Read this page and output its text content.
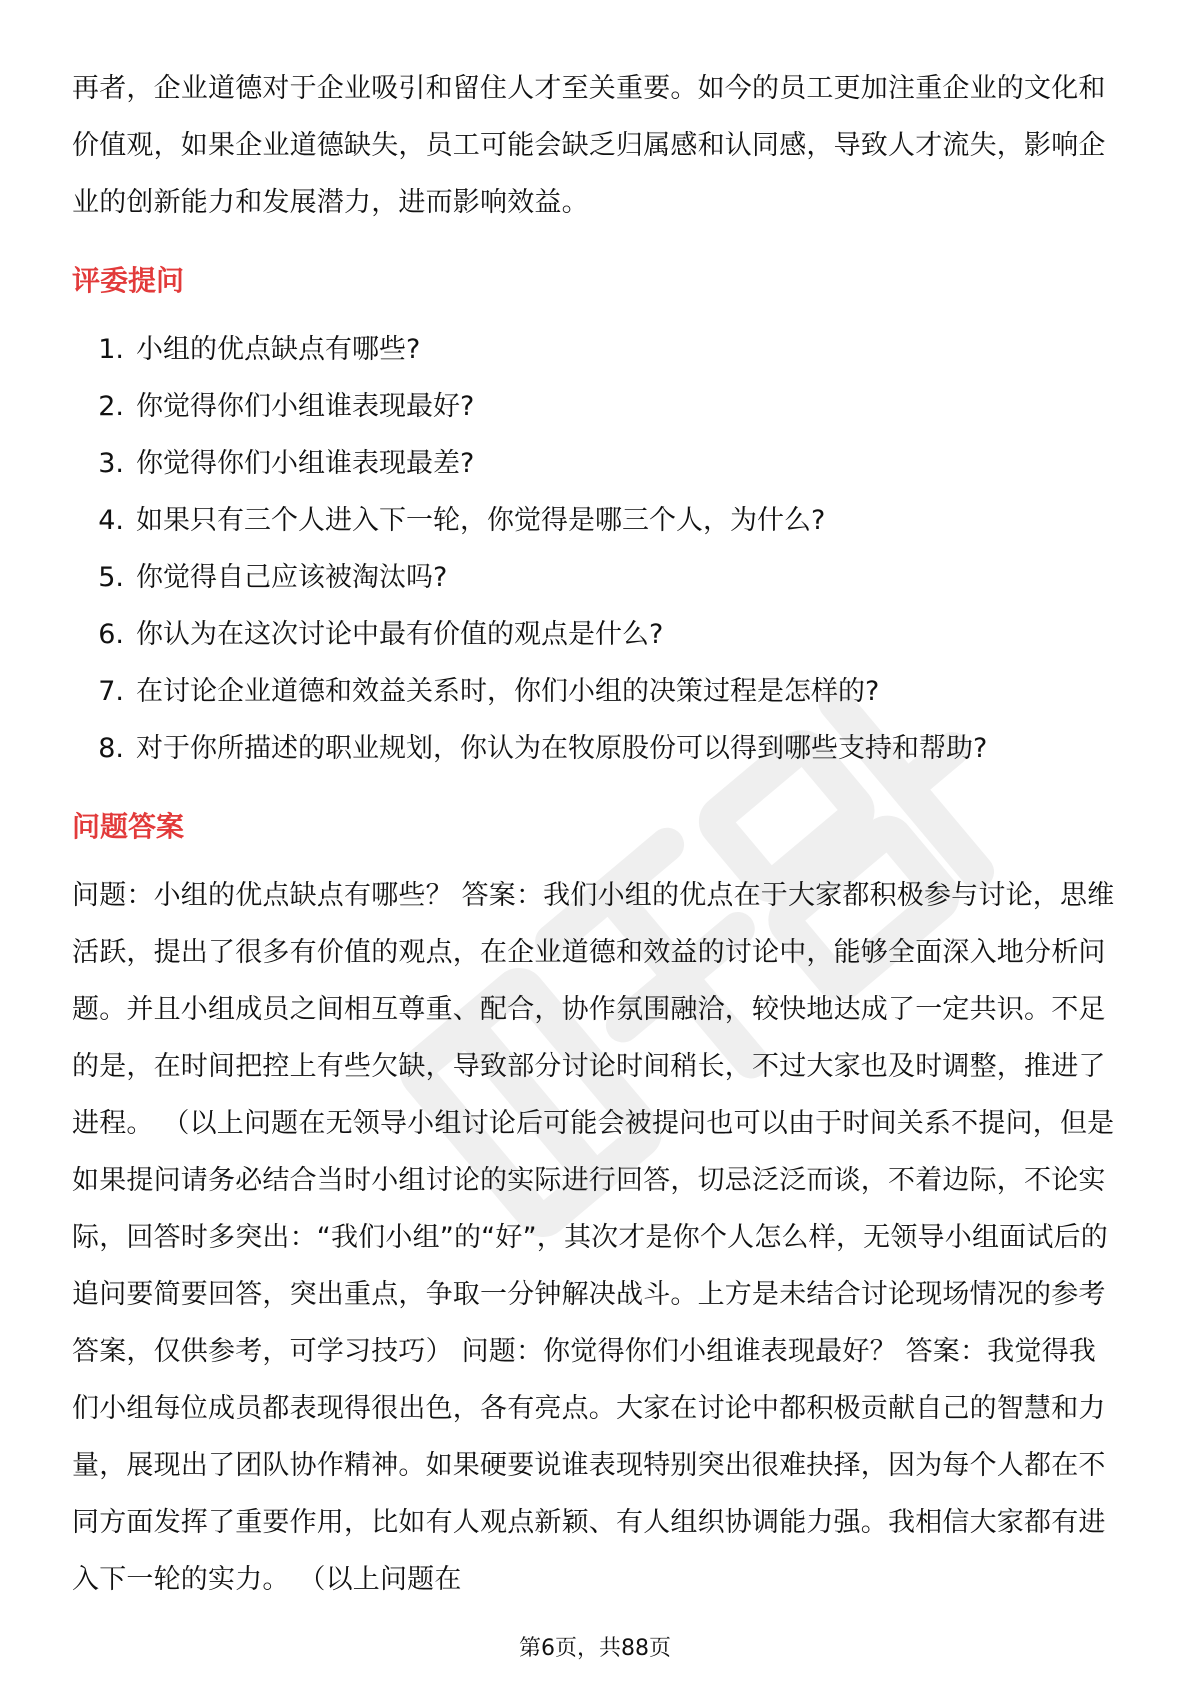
再者，企业道德对于企业吸引和留住人才至关重要。如今的员工更加注重企业的文化和价值观，如果企业道德缺失，员工可能会缺乏归属感和认同感，导致人才流失，影响企业的创新能力和发展潜力，进而影响效益。

评委提问
1. 小组的优点缺点有哪些?
2. 你觉得你们小组谁表现最好?
3. 你觉得你们小组谁表现最差?
4. 如果只有三个人进入下一轮，你觉得是哪三个人，为什么?
5. 你觉得自己应该被淘汰吗?
6. 你认为在这次讨论中最有价值的观点是什么?
7. 在讨论企业道德和效益关系时，你们小组的决策过程是怎样的?
8. 对于你所描述的职业规划，你认为在牧原股份可以得到哪些支持和帮助?
问题答案

问题：小组的优点缺点有哪些？ 答案：我们小组的优点在于大家都积极参与讨论，思维活跃，提出了很多有价值的观点，在企业道德和效益的讨论中，能够全面深入地分析问题。并且小组成员之间相互尊重、配合，协作氛围融洽，较快地达成了一定共识。不足的是，在时间把控上有些欠缺，导致部分讨论时间稍长，不过大家也及时调整，推进了进程。 （以上问题在无领导小组讨论后可能会被提问也可以由于时间关系不提问，但是如果提问请务必结合当时小组讨论的实际进行回答，切忌泛泛而谈，不着边际，不论实际，回答时多突出：“我们小组”的“好”，其次才是你个人怎么样，无领导小组面试后的追问要简要回答，突出重点，争取一分钟解决战斗。上方是未结合讨论现场情况的参考答案，仅供参考，可学习技巧） 问题：你觉得你们小组谁表现最好？ 答案：我觉得我们小组每位成员都表现得很出色，各有亮点。大家在讨论中都积极贡献自己的智慧和力量，展现出了团队协作精神。如果硬要说谁表现特别突出很难抉择，因为每个人都在不同方面发挥了重要作用，比如有人观点新颖、有人组织协调能力强。我相信大家都有进入下一轮的实力。 （以上问题在

第6页，共88页
